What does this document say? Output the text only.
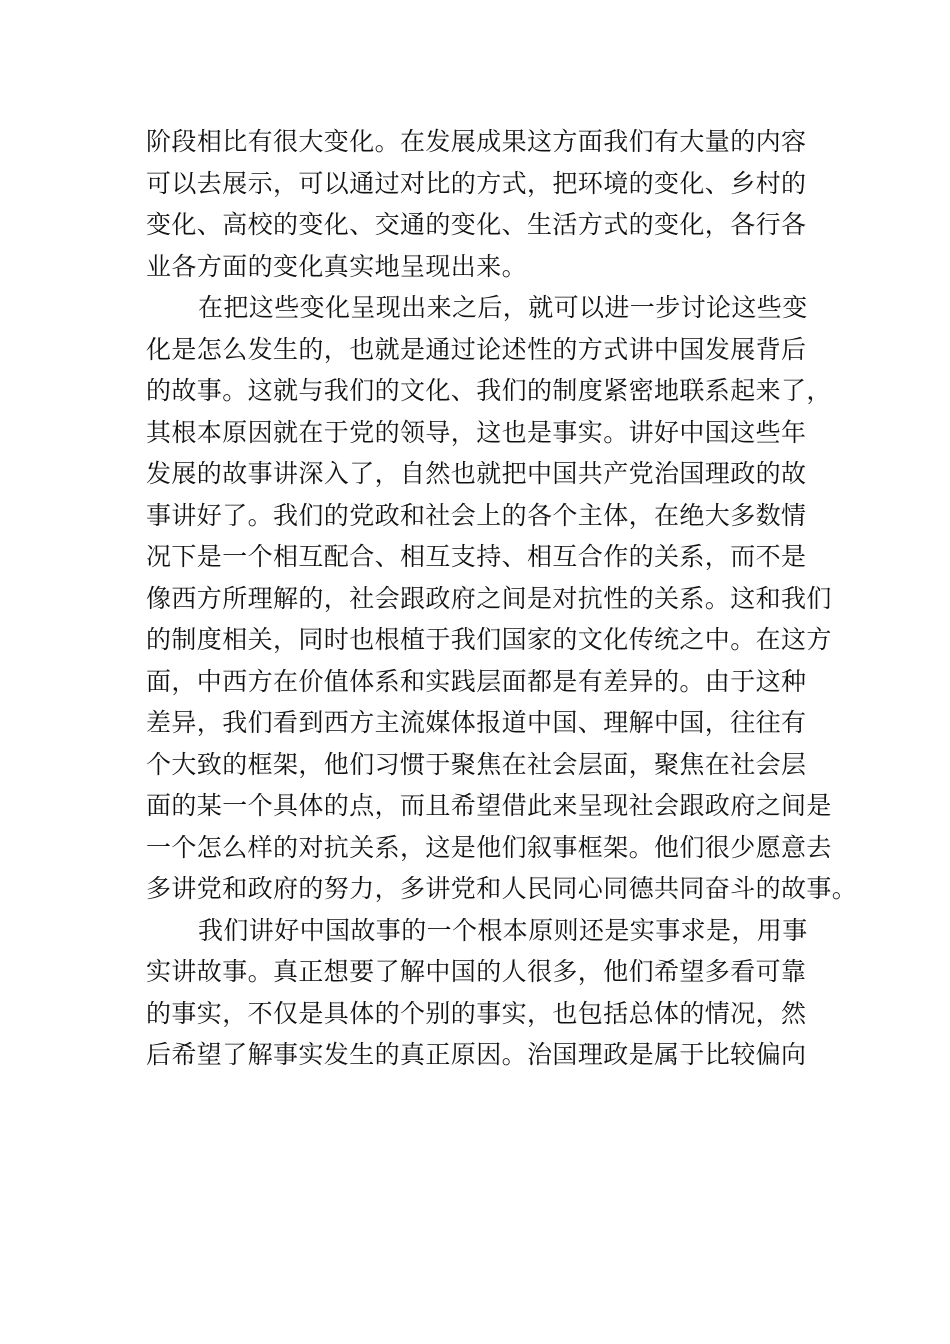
阶段相比有很大变化。在发展成果这方面我们有大量的内容
可以去展示，可以通过对比的方式，把环境的变化、乡村的
变化、高校的变化、交通的变化、生活方式的变化，各行各
业各方面的变化真实地呈现出来。
在把这些变化呈现出来之后，就可以进一步讨论这些变
化是怎么发生的，也就是通过论述性的方式讲中国发展背后
的故事。这就与我们的文化、我们的制度紧密地联系起来了，
其根本原因就在于党的领导，这也是事实。讲好中国这些年
发展的故事讲深入了，自然也就把中国共产党治国理政的故
事讲好了。我们的党政和社会上的各个主体，在绝大多数情
况下是一个相互配合、相互支持、相互合作的关系，而不是
像西方所理解的，社会跟政府之间是对抗性的关系。这和我们
的制度相关，同时也根植于我们国家的文化传统之中。在这方
面，中西方在价值体系和实践层面都是有差异的。由于这种
差异，我们看到西方主流媒体报道中国、理解中国，往往有
个大致的框架，他们习惯于聚焦在社会层面，聚焦在社会层
面的某一个具体的点，而且希望借此来呈现社会跟政府之间是
一个怎么样的对抗关系，这是他们叙事框架。他们很少愿意去
多讲党和政府的努力，多讲党和人民同心同德共同奋斗的故事。
我们讲好中国故事的一个根本原则还是实事求是，用事
实讲故事。真正想要了解中国的人很多，他们希望多看可靠
的事实，不仅是具体的个别的事实，也包括总体的情况，然
后希望了解事实发生的真正原因。治国理政是属于比较偏向
